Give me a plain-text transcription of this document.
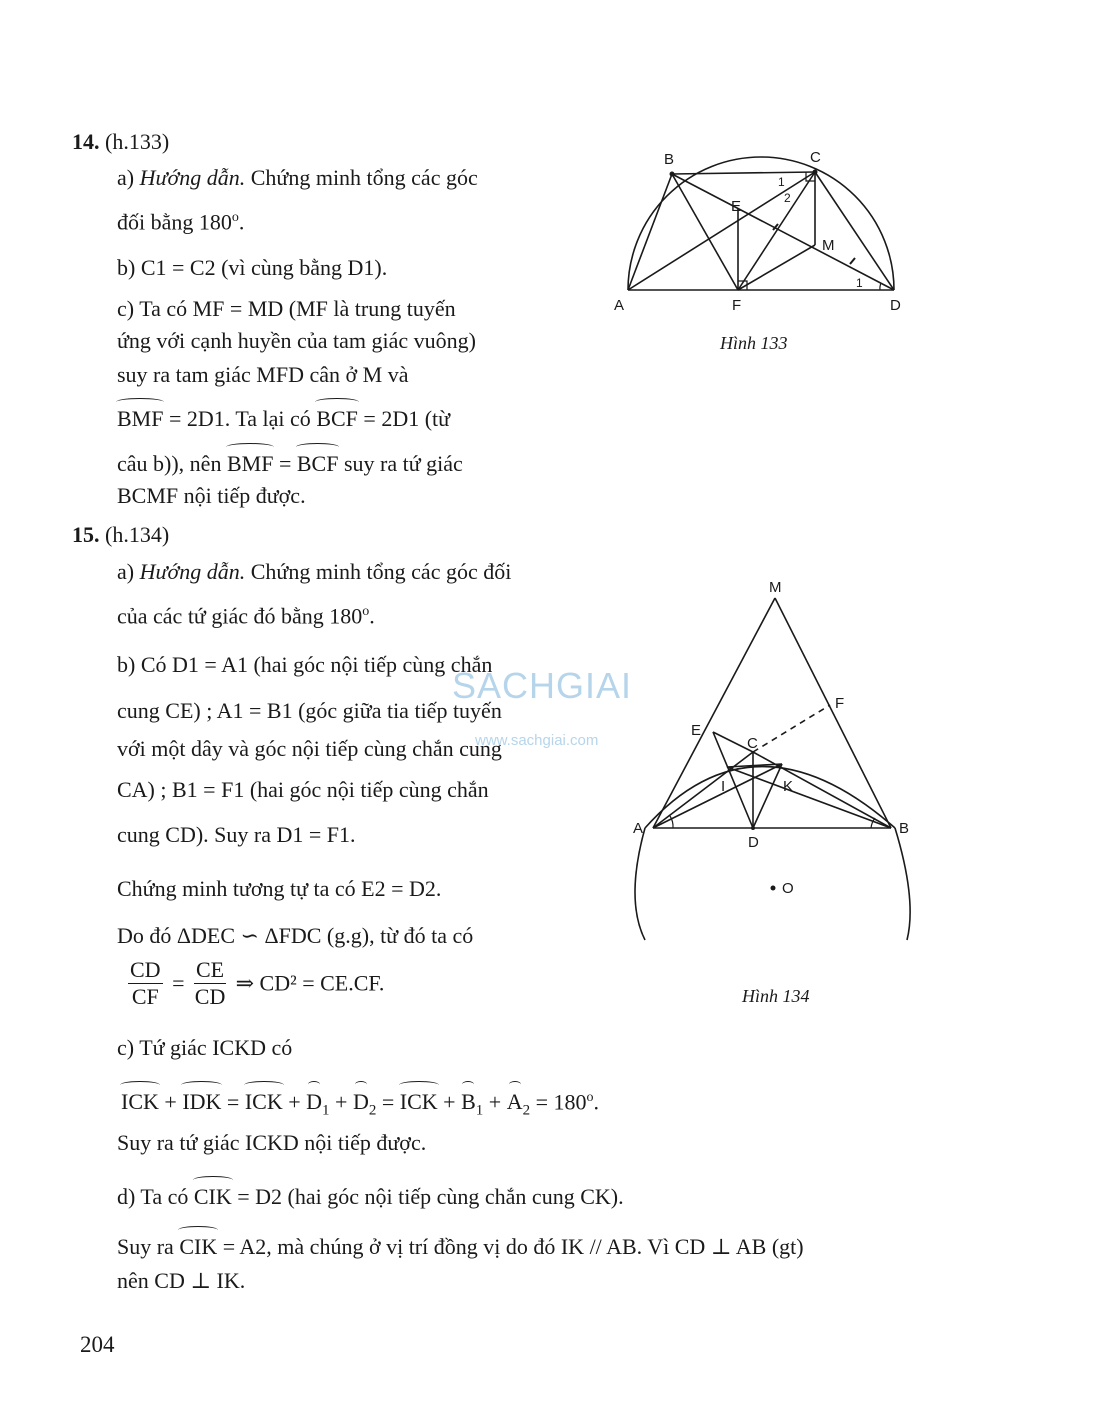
14. (h.133)
a) Hướng dẫn. Chứng minh tổng các góc
đối bằng 180$^o$.
b) C1 = C2 (vì cùng bằng D1).
c) Ta có MF = MD (MF là trung tuyến
ứng với cạnh huyền của tam giác vuông)
suy ra tam giác MFD cân ở M và
BMF = 2D1. Ta lại có BCF = 2D1 (từ
câu b)), nên BMF = BCF suy ra tứ giác
BCMF nội tiếp được.
A
B	C
D
E
F
M
1
2
1
Hình 133
15. (h.134)
a) Hướng dẫn. Chứng minh tổng các góc đối
của các tứ giác đó bằng 180$^o$.
b) Có D1 = A1 (hai góc nội tiếp cùng chắn
cung CE) ; A1 = B1 (góc giữa tia tiếp tuyến
với một dây và góc nội tiếp cùng chắn cung
CA) ; B1 = F1 (hai góc nội tiếp cùng chắn
cung CD). Suy ra D1 = F1.
Chứng minh tương tự ta có E2 = D2.
Do đó ΔDEC ∽ ΔFDC (g.g), từ đó ta có
$\frac{CD}{CF} = \frac{CE}{CD}$ ⇒ CD² = CE.CF.
c) Tứ giác ICKD có
ICK + IDK = ICK + $D_1 + D_2$ = ICK + $B_1 + A_2 = 180^o$.
Suy ra tứ giác ICKD nội tiếp được.
d) Ta có CIK = D2 (hai góc nội tiếp cùng chắn cung CK).
Suy ra CIK = A2, mà chúng ở vị trí đồng vị do đó IK // AB. Vì CD ⊥ AB (gt)
nên CD ⊥ IK.
M
E
F
C
I	K
A	B
D
O
Hình 134
SACHGIAI
www.sachgiai.com
204
